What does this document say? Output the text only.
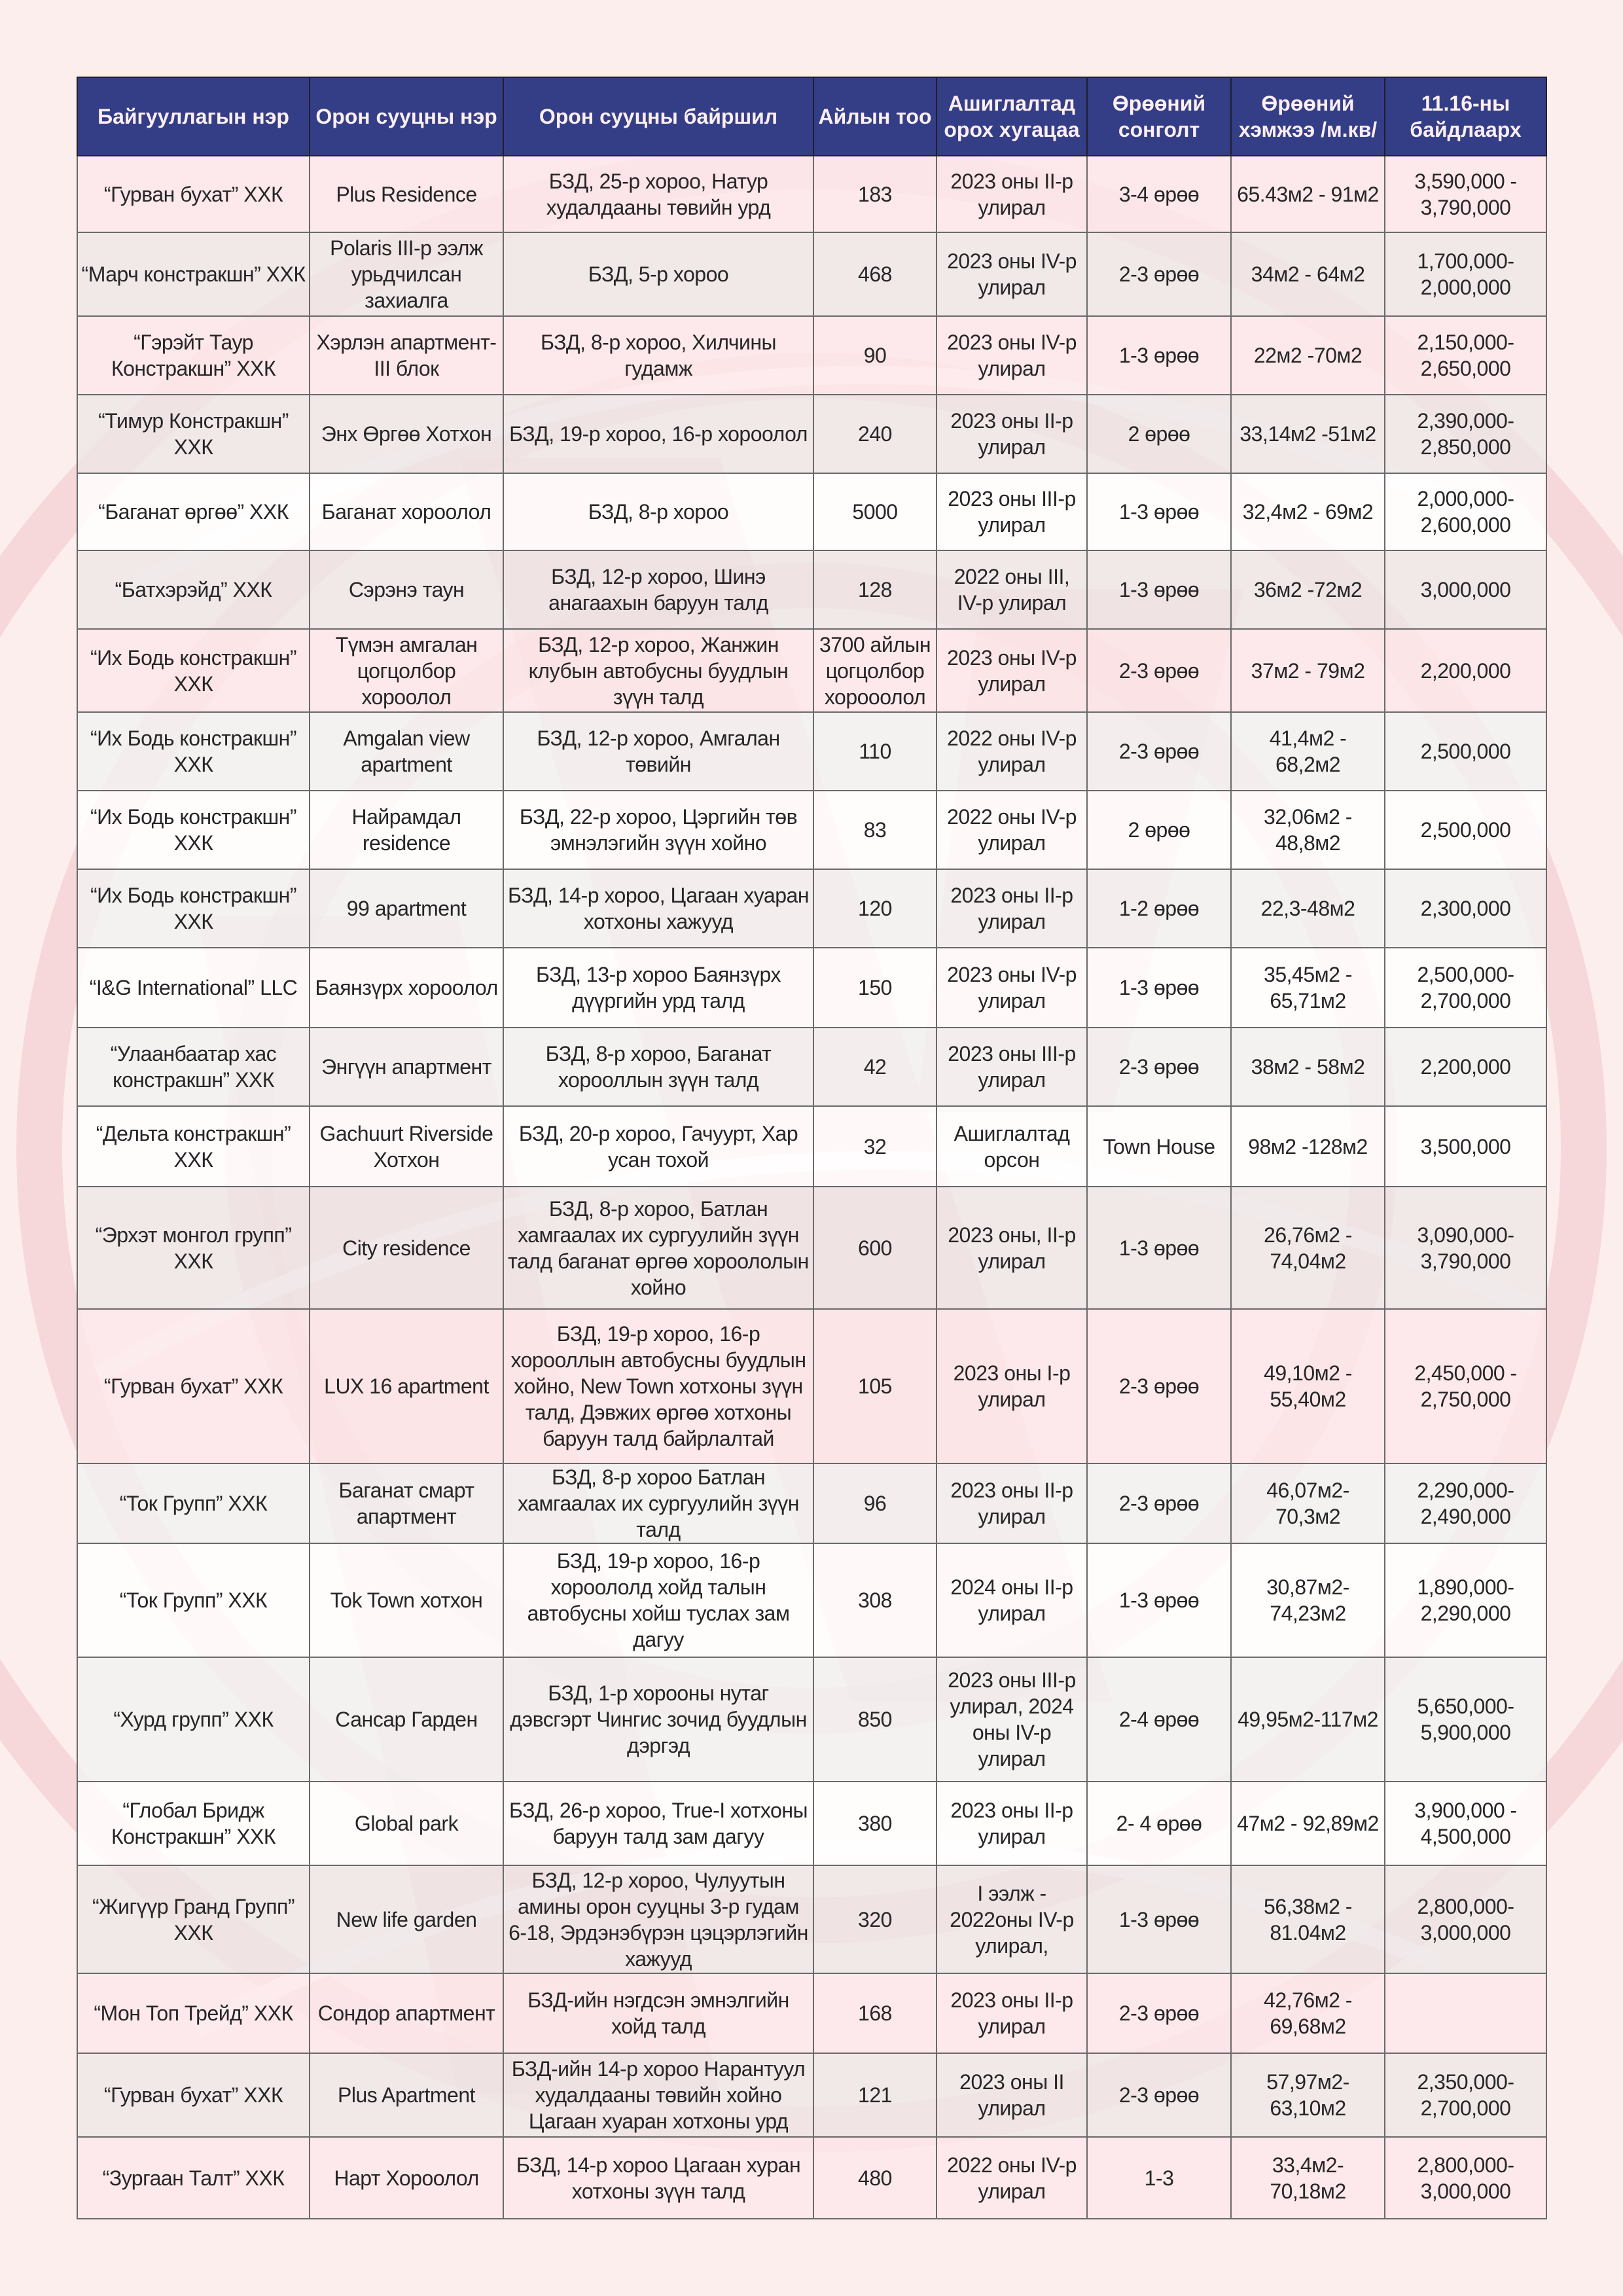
Байгууллагын нэр	Орон сууцны нэр	Орон сууцны байршил	Айлын тоо	Ашиглалтад орох хугацаа	Өрөөний сонголт	Өрөөний хэмжээ /м.кв/	11.16-ны байдлаарх
“Гурван бухат” ХХК	Plus Residence	БЗД, 25-р хороо, Натур худалдааны төвийн урд	183	2023 оны II-р улирал	3-4 өрөө	65.43м2 - 91м2	3,590,000 - 3,790,000
“Марч констракшн” ХХК	Polaris III-р ээлж урьдчилсан захиалга	БЗД, 5-р хороо	468	2023 оны IV-р улирал	2-3 өрөө	34м2 - 64м2	1,700,000-2,000,000
“Гэрэйт Таур Констракшн” ХХК	Хэрлэн апартмент-III блок	БЗД, 8-р хороо, Хилчины гудамж	90	2023 оны IV-р улирал	1-3 өрөө	22м2 -70м2	2,150,000-2,650,000
“Тимур Констракшн” ХХК	Энх Өргөө Хотхон	БЗД, 19-р хороо, 16-р хороолол	240	2023 оны II-р улирал	2 өрөө	33,14м2 -51м2	2,390,000-2,850,000
“Баганат өргөө” ХХК	Баганат хороолол	БЗД, 8-р хороо	5000	2023 оны III-р улирал	1-3 өрөө	32,4м2 - 69м2	2,000,000-2,600,000
“Батхэрэйд” ХХК	Сэрэнэ таун	БЗД, 12-р хороо, Шинэ анагаахын баруун талд	128	2022 оны III, IV-р улирал	1-3 өрөө	36м2 -72м2	3,000,000
“Их Бодь констракшн” ХХК	Түмэн амгалан цогцолбор хороолол	БЗД, 12-р хороо, Жанжин клубын автобусны буудлын зүүн талд	3700 айлын цогцолбор хорооолол	2023 оны IV-р улирал	2-3 өрөө	37м2 - 79м2	2,200,000
“Их Бодь констракшн” ХХК	Amgalan view apartment	БЗД, 12-р хороо, Амгалан төвийн	110	2022 оны IV-р улирал	2-3 өрөө	41,4м2 - 68,2м2	2,500,000
“Их Бодь констракшн” ХХК	Найрамдал residence	БЗД, 22-р хороо, Цэргийн төв эмнэлэгийн зүүн хойно	83	2022 оны IV-р улирал	2 өрөө	32,06м2 - 48,8м2	2,500,000
“Их Бодь констракшн” ХХК	99 apartment	БЗД, 14-р хороо, Цагаан хуаран хотхоны хажууд	120	2023 оны II-р улирал	1-2 өрөө	22,3-48м2	2,300,000
“I&G International” LLC	Баянзүрх хороолол	БЗД, 13-р хороо Баянзүрх дүүргийн урд талд	150	2023 оны IV-р улирал	1-3 өрөө	35,45м2 - 65,71м2	2,500,000-2,700,000
“Улаанбаатар хас констракшн” ХХК	Энгүүн апартмент	БЗД, 8-р хороо, Баганат хорооллын зүүн талд	42	2023 оны III-р улирал	2-3 өрөө	38м2 - 58м2	2,200,000
“Дельта констракшн” ХХК	Gachuurt Riverside Хотхон	БЗД, 20-р хороо, Гачуурт, Хар усан тохой	32	Ашиглалтад орсон	Town House	98м2 -128м2	3,500,000
“Эрхэт монгол групп” ХХК	City residence	БЗД, 8-р хороо, Батлан хамгаалах их сургуулийн зүүн талд баганат өргөө хороололын хойно	600	2023 оны, II-р улирал	1-3 өрөө	26,76м2 - 74,04м2	3,090,000-3,790,000
“Гурван бухат” ХХК	LUX 16 apartment	БЗД, 19-р хороо, 16-р хорооллын автобусны буудлын хойно, New Town хотхоны зүүн талд, Дэвжих өргөө хотхоны баруун талд байрлалтай	105	2023 оны I-р улирал	2-3 өрөө	49,10м2 - 55,40м2	2,450,000 - 2,750,000
“Ток Групп” ХХК	Баганат смарт апартмент	БЗД, 8-р хороо Батлан хамгаалах их сургуулийн зүүн талд	96	2023 оны II-р улирал	2-3 өрөө	46,07м2-70,3м2	2,290,000-2,490,000
“Ток Групп” ХХК	Tok Town хотхон	БЗД, 19-р хороо, 16-р хороололд хойд талын автобусны хойш туслах зам дагуу	308	2024 оны II-р улирал	1-3 өрөө	30,87м2-74,23м2	1,890,000-2,290,000
“Хурд групп” ХХК	Сансар Гарден	БЗД, 1-р хорооны нутаг дэвсгэрт Чингис зочид буудлын дэргэд	850	2023 оны III-р улирал, 2024 оны IV-р улирал	2-4 өрөө	49,95м2-117м2	5,650,000-5,900,000
“Глобал Бридж Констракшн” ХХК	Global park	БЗД, 26-р хороо, True-I хотхоны баруун талд зам дагуу	380	2023 оны II-р улирал	2- 4 өрөө	47м2 - 92,89м2	3,900,000 - 4,500,000
“Жигүүр Гранд Групп” ХХК	New life garden	БЗД, 12-р хороо, Чулуутын амины орон сууцны 3-р гудам 6-18, Эрдэнэбүрэн цэцэрлэгийн хажууд	320	I ээлж - 2022оны IV-р улирал,	1-3 өрөө	56,38м2 - 81.04м2	2,800,000-3,000,000
“Мон Топ Трейд” ХХК	Сондор апартмент	БЗД-ийн нэгдсэн эмнэлгийн хойд талд	168	2023 оны II-р улирал	2-3 өрөө	42,76м2 - 69,68м2	
“Гурван бухат” ХХК	Plus Apartment	БЗД-ийн 14-р хороо Нарантуул худалдааны төвийн хойно Цагаан хуаран хотхоны урд	121	2023 оны II улирал	2-3 өрөө	57,97м2-63,10м2	2,350,000-2,700,000
“Зургаан Талт” ХХК	Нарт Хороолол	БЗД, 14-р хороо Цагаан хуран хотхоны зүүн талд	480	2022 оны IV-р улирал	1-3	33,4м2-70,18м2	2,800,000-3,000,000
